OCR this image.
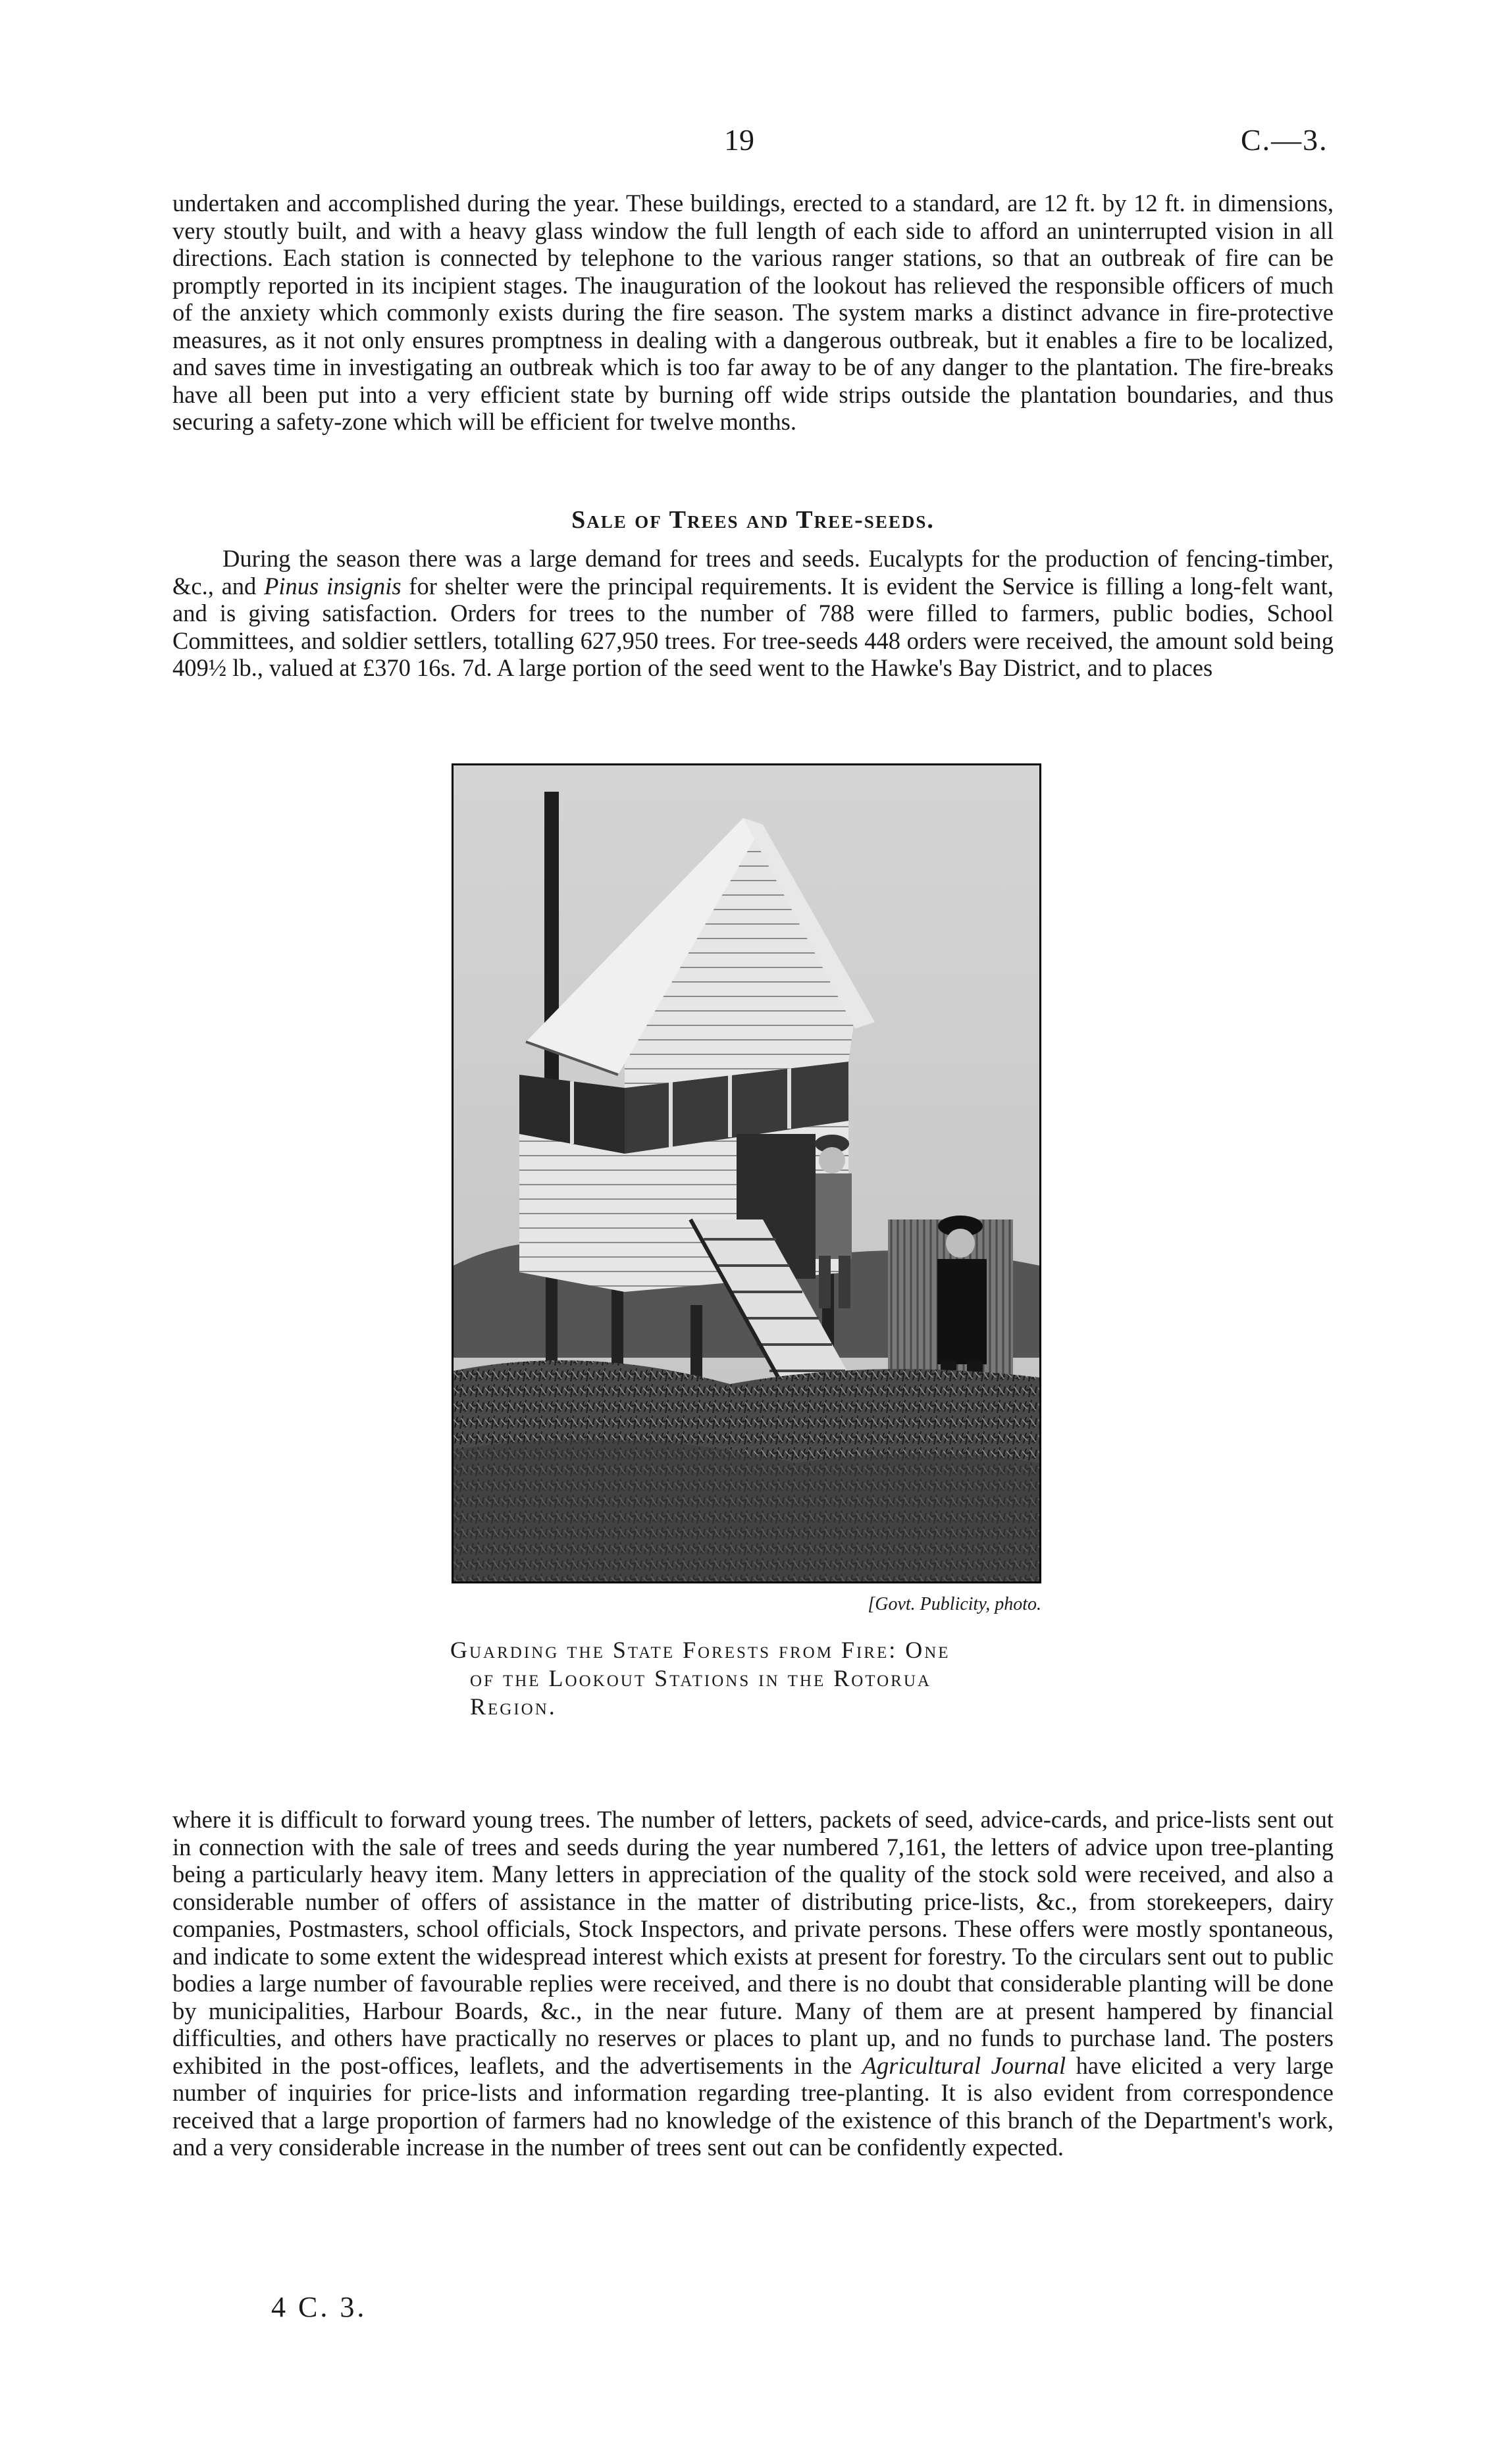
19	C.—3.

undertaken and accomplished during the year. These buildings, erected to a standard, are 12 ft. by 12 ft. in dimensions, very stoutly built, and with a heavy glass window the full length of each side to afford an uninterrupted vision in all directions. Each station is connected by telephone to the various ranger stations, so that an outbreak of fire can be promptly reported in its incipient stages. The inauguration of the lookout has relieved the responsible officers of much of the anxiety which commonly exists during the fire season. The system marks a distinct advance in fire-protective measures, as it not only ensures promptness in dealing with a dangerous outbreak, but it enables a fire to be localized, and saves time in investigating an outbreak which is too far away to be of any danger to the plantation. The fire-breaks have all been put into a very efficient state by burning off wide strips outside the plantation boundaries, and thus securing a safety-zone which will be efficient for twelve months.

Sale of Trees and Tree-seeds.

During the season there was a large demand for trees and seeds. Eucalypts for the production of fencing-timber, &c., and Pinus insignis for shelter were the principal requirements. It is evident the Service is filling a long-felt want, and is giving satisfaction. Orders for trees to the number of 788 were filled to farmers, public bodies, School Committees, and soldier settlers, totalling 627,950 trees. For tree-seeds 448 orders were received, the amount sold being 409½ lb., valued at £370 16s. 7d. A large portion of the seed went to the Hawke's Bay District, and to places

[Govt. Publicity, photo.

Guarding the State Forests from Fire: One
of the Lookout Stations in the Rotorua
Region.

where it is difficult to forward young trees. The number of letters, packets of seed, advice-cards, and price-lists sent out in connection with the sale of trees and seeds during the year numbered 7,161, the letters of advice upon tree-planting being a particularly heavy item. Many letters in appreciation of the quality of the stock sold were received, and also a considerable number of offers of assistance in the matter of distributing price-lists, &c., from storekeepers, dairy companies, Postmasters, school officials, Stock Inspectors, and private persons. These offers were mostly spontaneous, and indicate to some extent the widespread interest which exists at present for forestry. To the circulars sent out to public bodies a large number of favourable replies were received, and there is no doubt that considerable planting will be done by municipalities, Harbour Boards, &c., in the near future. Many of them are at present hampered by financial difficulties, and others have practically no reserves or places to plant up, and no funds to purchase land. The posters exhibited in the post-offices, leaflets, and the advertisements in the Agricultural Journal have elicited a very large number of inquiries for price-lists and information regarding tree-planting. It is also evident from correspondence received that a large proportion of farmers had no knowledge of the existence of this branch of the Department's work, and a very considerable increase in the number of trees sent out can be confidently expected.

4 C. 3.
